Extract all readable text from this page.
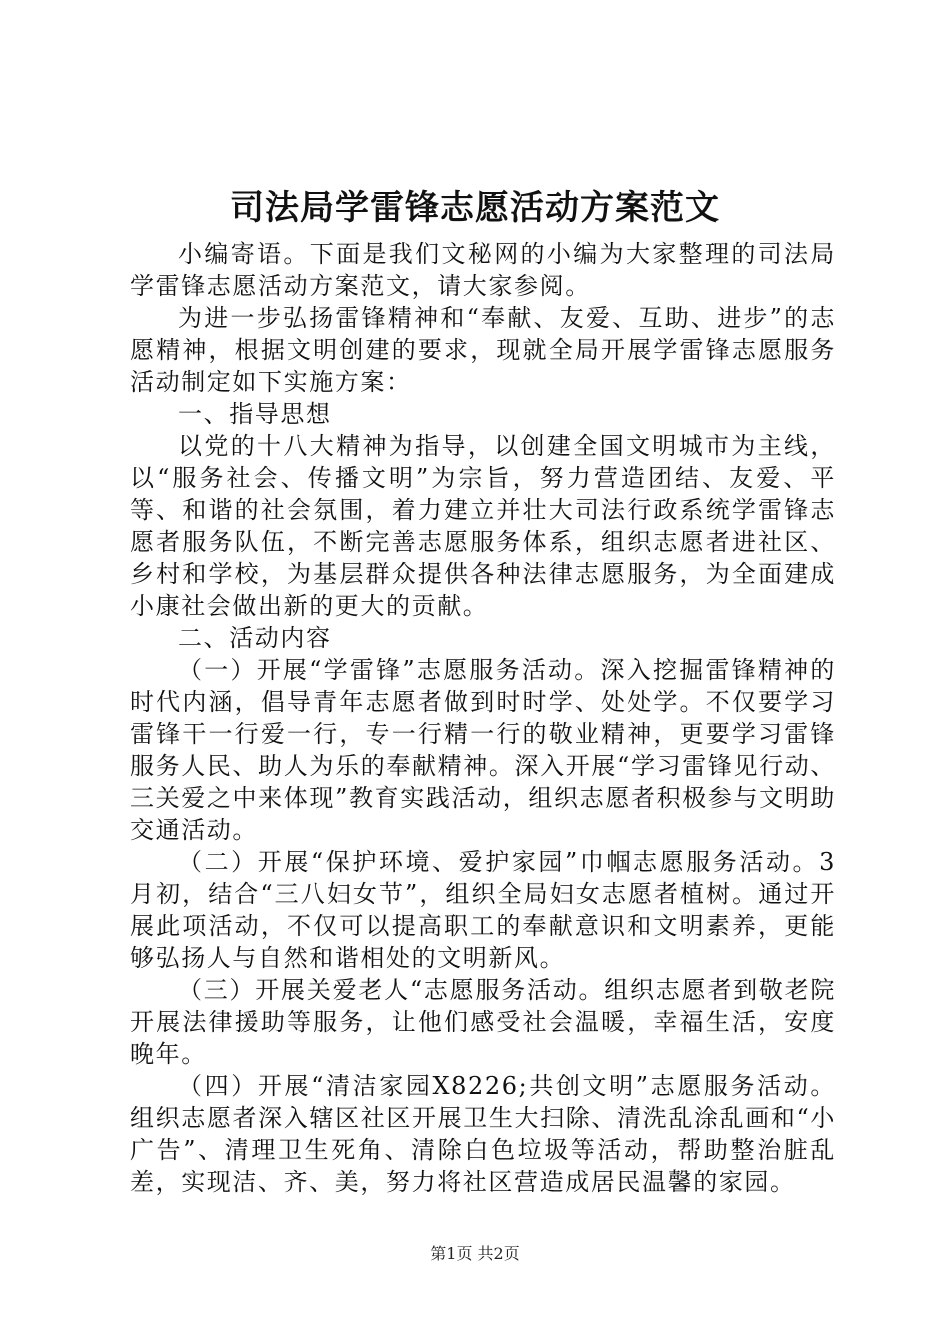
司法局学雷锋志愿活动方案范文

小编寄语。下面是我们文秘网的小编为大家整理的司法局学雷锋志愿活动方案范文，请大家参阅。

为进一步弘扬雷锋精神和“奉献、友爱、互助、进步”的志愿精神，根据文明创建的要求，现就全局开展学雷锋志愿服务活动制定如下实施方案：

一、指导思想

以党的十八大精神为指导，以创建全国文明城市为主线，以“服务社会、传播文明”为宗旨，努力营造团结、友爱、平等、和谐的社会氛围，着力建立并壮大司法行政系统学雷锋志愿者服务队伍，不断完善志愿服务体系，组织志愿者进社区、乡村和学校，为基层群众提供各种法律志愿服务，为全面建成小康社会做出新的更大的贡献。

二、活动内容

（一）开展“学雷锋”志愿服务活动。深入挖掘雷锋精神的时代内涵，倡导青年志愿者做到时时学、处处学。不仅要学习雷锋干一行爱一行，专一行精一行的敬业精神，更要学习雷锋服务人民、助人为乐的奉献精神。深入开展“学习雷锋见行动、三关爱之中来体现”教育实践活动，组织志愿者积极参与文明助交通活动。

（二）开展“保护环境、爱护家园”巾帼志愿服务活动。3月初，结合“三八妇女节”，组织全局妇女志愿者植树。通过开展此项活动，不仅可以提高职工的奉献意识和文明素养，更能够弘扬人与自然和谐相处的文明新风。

（三）开展关爱老人“志愿服务活动。组织志愿者到敬老院开展法律援助等服务，让他们感受社会温暖，幸福生活，安度晚年。

（四）开展“清洁家园X8226;共创文明”志愿服务活动。组织志愿者深入辖区社区开展卫生大扫除、清洗乱涂乱画和“小广告”、清理卫生死角、清除白色垃圾等活动，帮助整治脏乱差，实现洁、齐、美，努力将社区营造成居民温馨的家园。

第1页 共2页
